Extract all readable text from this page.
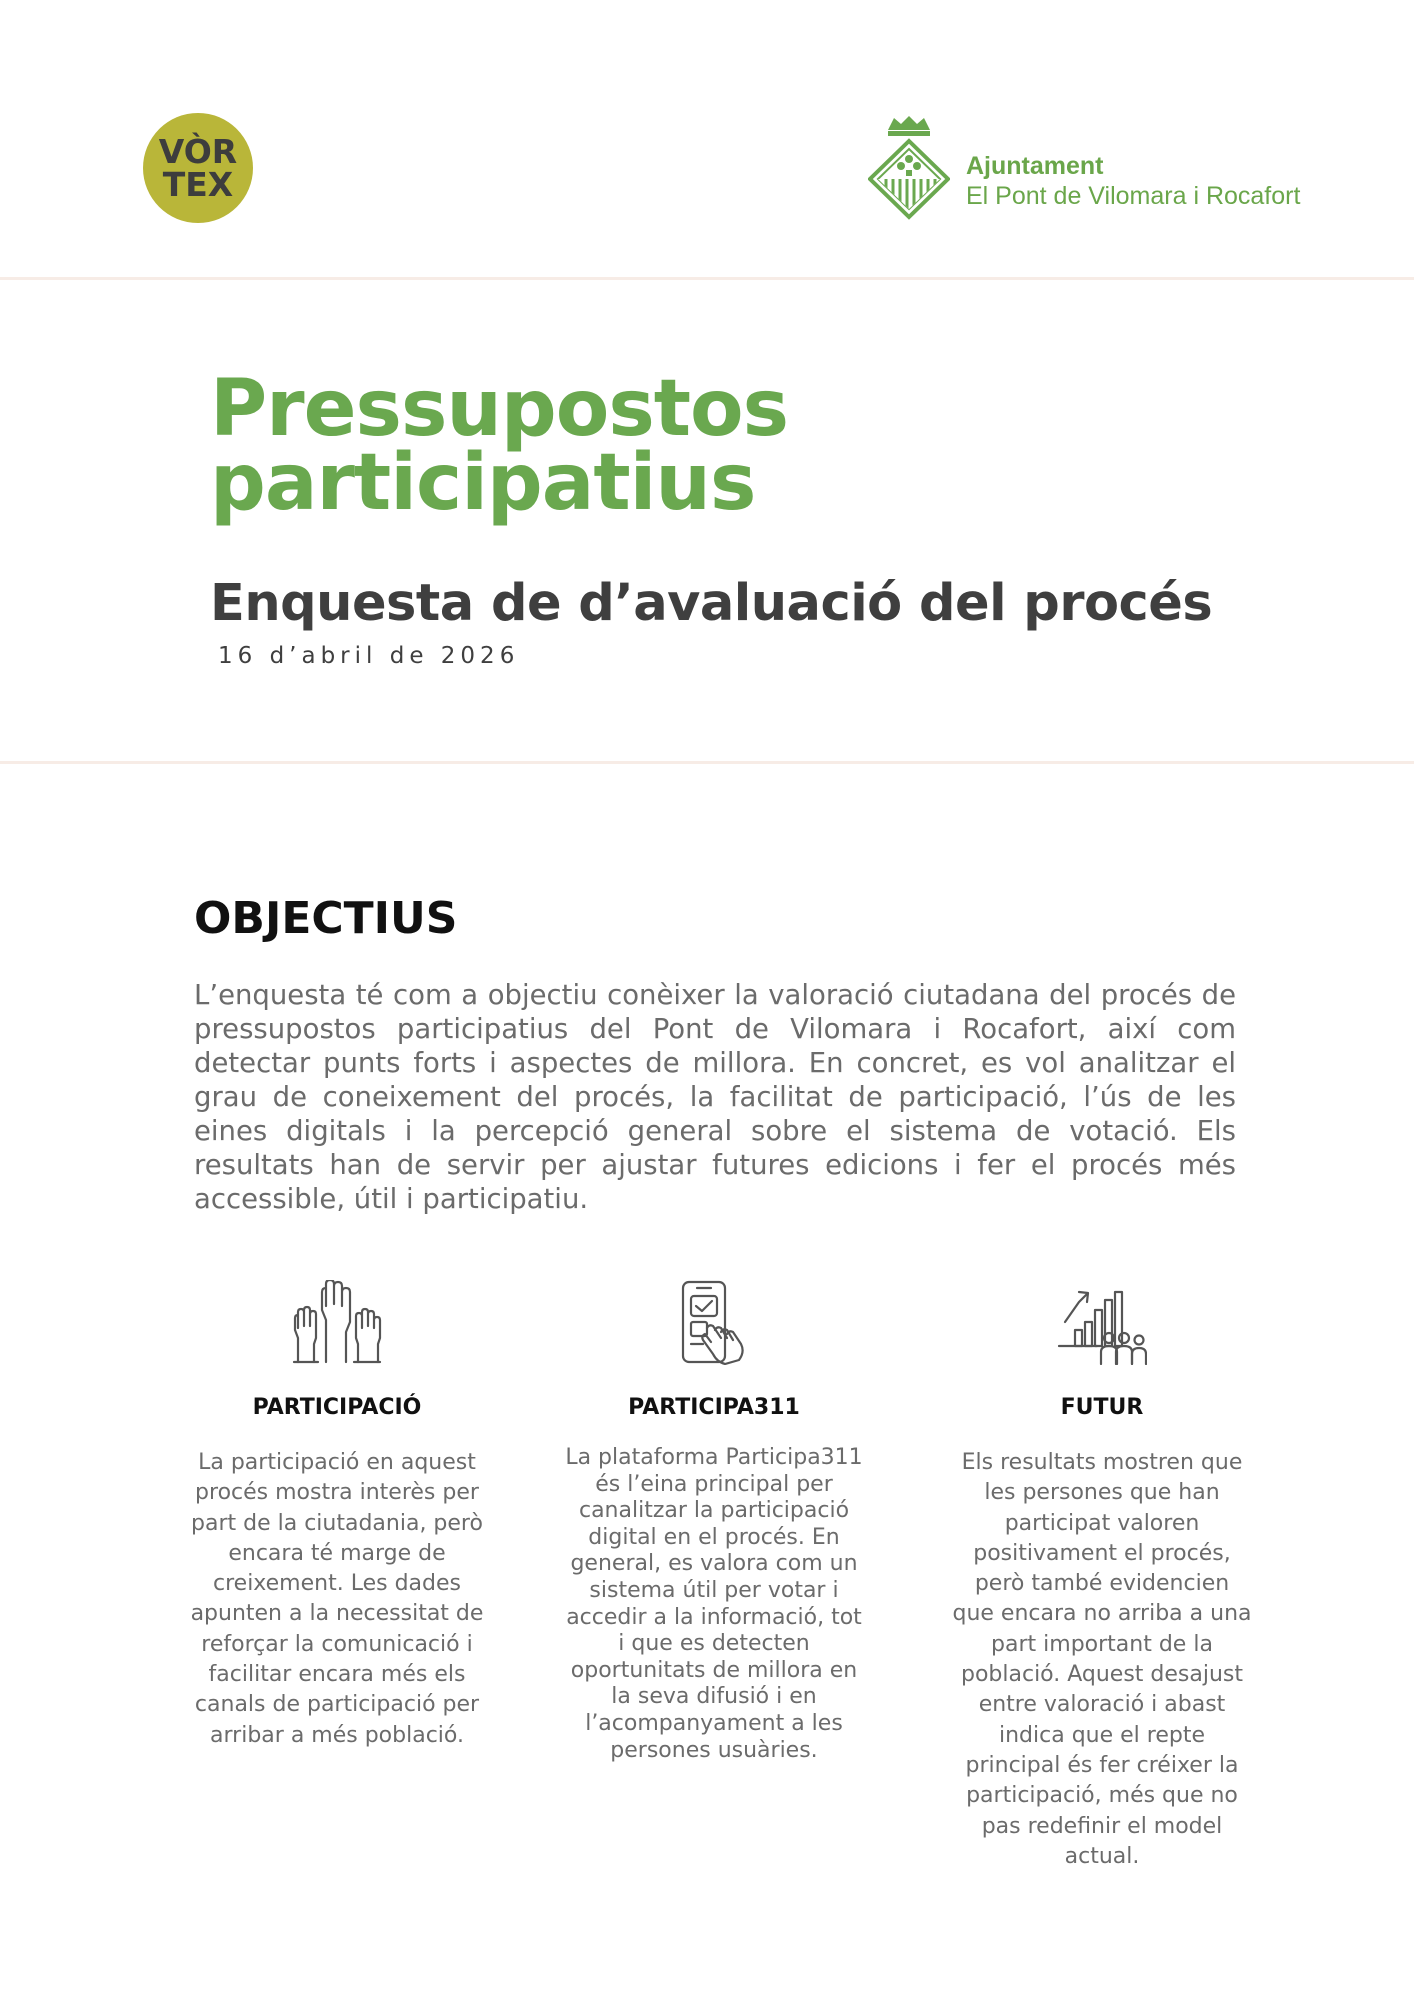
VÒR
TEX	Ajuntament
El Pont de Vilomara i Rocafort
Pressupostos
participatius
Enquesta de d’avaluació del procés
16 d’abril de 2026
OBJECTIUS
L’enquesta té com a objectiu conèixer la valoració ciutadana del procés de pressupostos participatius del Pont de Vilomara i Rocafort, així com detectar punts forts i aspectes de millora. En concret, es vol analitzar el grau de coneixement del procés, la facilitat de participació, l’ús de les eines digitals i la percepció general sobre el sistema de votació. Els resultats han de servir per ajustar futures edicions i fer el procés més accessible, útil i participatiu.
PARTICIPACIÓ
La participació en aquest
procés mostra interès per
part de la ciutadania, però
encara té marge de
creixement. Les dades
apunten a la necessitat de
reforçar la comunicació i
facilitar encara més els
canals de participació per
arribar a més població.
PARTICIPA311
La plataforma Participa311
és l’eina principal per
canalitzar la participació
digital en el procés. En
general, es valora com un
sistema útil per votar i
accedir a la informació, tot
i que es detecten
oportunitats de millora en
la seva difusió i en
l’acompanyament a les
persones usuàries.
FUTUR
Els resultats mostren que
les persones que han
participat valoren
positivament el procés,
però també evidencien
que encara no arriba a una
part important de la
població. Aquest desajust
entre valoració i abast
indica que el repte
principal és fer créixer la
participació, més que no
pas redefinir el model
actual.
